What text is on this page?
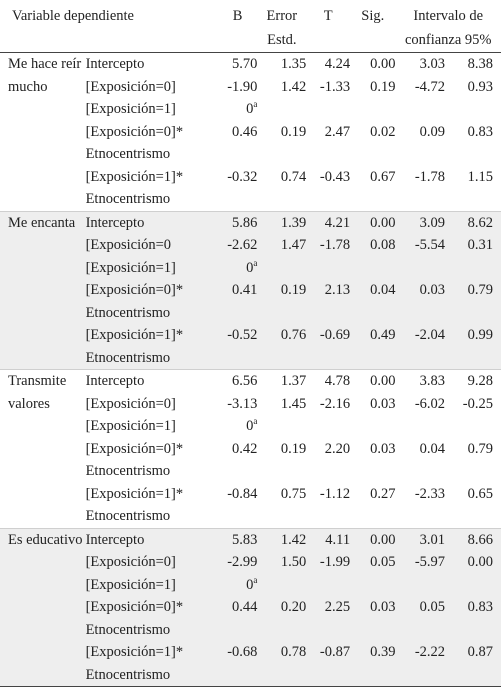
Variable dependiente		B	Error
Estd.	T	Sig.	Intervalo de
confianza 95%	
Me hace reír mucho	Intercepto	5.70	1.35	4.24	0.00	3.03	8.38
	[Exposición=0]	-1.90	1.42	-1.33	0.19	-4.72	0.93
	[Exposición=1]	0$^a$					
	[Exposición=0]*	0.46	0.19	2.47	0.02	0.09	0.83
	Etnocentrismo						
	[Exposición=1]*	-0.32	0.74	-0.43	0.67	-1.78	1.15
	Etnocentrismo						
Me encanta	Intercepto	5.86	1.39	4.21	0.00	3.09	8.62
	[Exposición=0	-2.62	1.47	-1.78	0.08	-5.54	0.31
	[Exposición=1]	0$^a$					
	[Exposición=0]*	0.41	0.19	2.13	0.04	0.03	0.79
	Etnocentrismo						
	[Exposición=1]*	-0.52	0.76	-0.69	0.49	-2.04	0.99
	Etnocentrismo						
Transmite valores	Intercepto	6.56	1.37	4.78	0.00	3.83	9.28
	[Exposición=0]	-3.13	1.45	-2.16	0.03	-6.02	-0.25
	[Exposición=1]	0$^a$					
	[Exposición=0]*	0.42	0.19	2.20	0.03	0.04	0.79
	Etnocentrismo						
	[Exposición=1]*	-0.84	0.75	-1.12	0.27	-2.33	0.65
	Etnocentrismo						
Es educativo	Intercepto	5.83	1.42	4.11	0.00	3.01	8.66
	[Exposición=0]	-2.99	1.50	-1.99	0.05	-5.97	0.00
	[Exposición=1]	0$^a$					
	[Exposición=0]*	0.44	0.20	2.25	0.03	0.05	0.83
	Etnocentrismo						
	[Exposición=1]*	-0.68	0.78	-0.87	0.39	-2.22	0.87
	Etnocentrismo						
